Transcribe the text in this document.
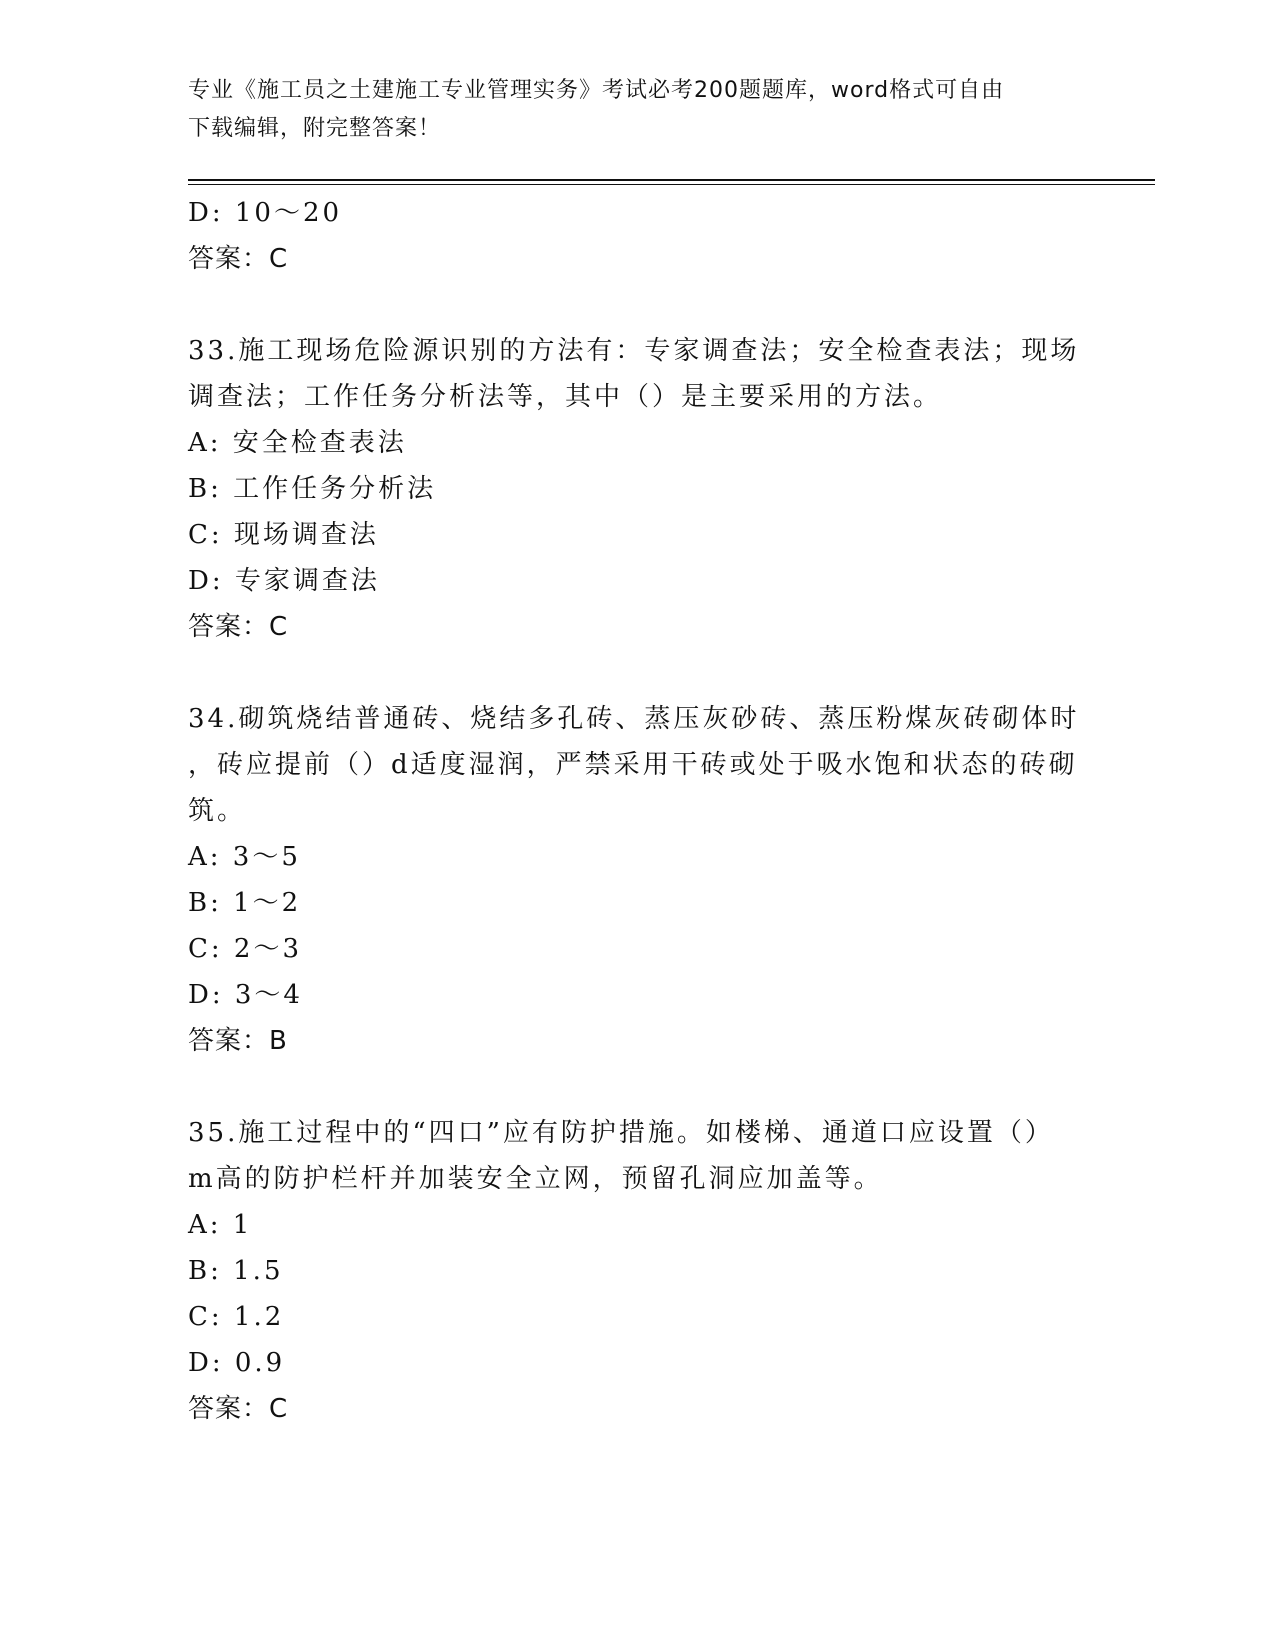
专业《施工员之土建施工专业管理实务》考试必考200题题库，word格式可自由
下载编辑，附完整答案！
D: 10～20
答案：C
33.施工现场危险源识别的方法有：专家调查法；安全检查表法；现场
调查法；工作任务分析法等，其中（）是主要采用的方法。
A: 安全检查表法
B: 工作任务分析法
C: 现场调查法
D: 专家调查法
答案：C
34.砌筑烧结普通砖、烧结多孔砖、蒸压灰砂砖、蒸压粉煤灰砖砌体时
，砖应提前（）d适度湿润，严禁采用干砖或处于吸水饱和状态的砖砌
筑。
A: 3～5
B: 1～2
C: 2～3
D: 3～4
答案：B
35.施工过程中的“四口”应有防护措施。如楼梯、通道口应设置（）
m高的防护栏杆并加装安全立网，预留孔洞应加盖等。
A: 1
B: 1.5
C: 1.2
D: 0.9
答案：C
